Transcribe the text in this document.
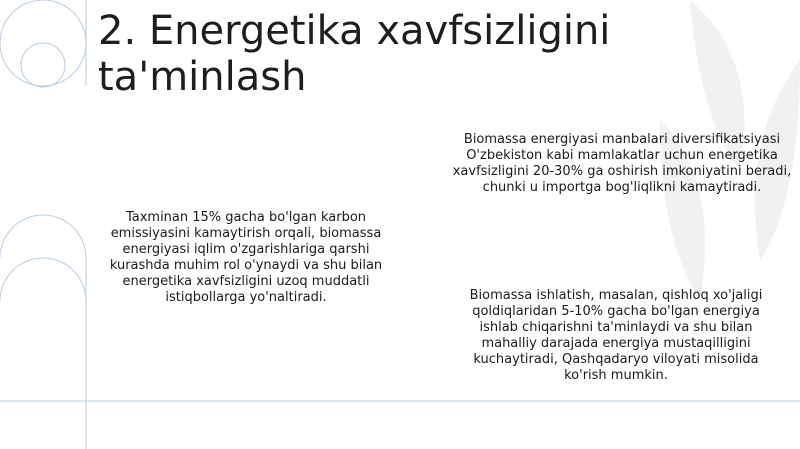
2. Energetika xavfsizligini ta'minlash
Taxminan 15% gacha bo'lgan karbon emissiyasini kamaytirish orqali, biomassa energiyasi iqlim o'zgarishlariga qarshi kurashda muhim rol o'ynaydi va shu bilan energetika xavfsizligini uzoq muddatli istiqbollarga yo'naltiradi.
Biomassa energiyasi manbalari diversifikatsiyasi O'zbekiston kabi mamlakatlar uchun energetika xavfsizligini 20-30% ga oshirish imkoniyatini beradi, chunki u importga bog'liqlikni kamaytiradi.
Biomassa ishlatish, masalan, qishloq xo'jaligi qoldiqlaridan 5-10% gacha bo'lgan energiya ishlab chiqarishni ta'minlaydi va shu bilan mahalliy darajada energiya mustaqilligini kuchaytiradi, Qashqadaryo viloyati misolida ko'rish mumkin.
